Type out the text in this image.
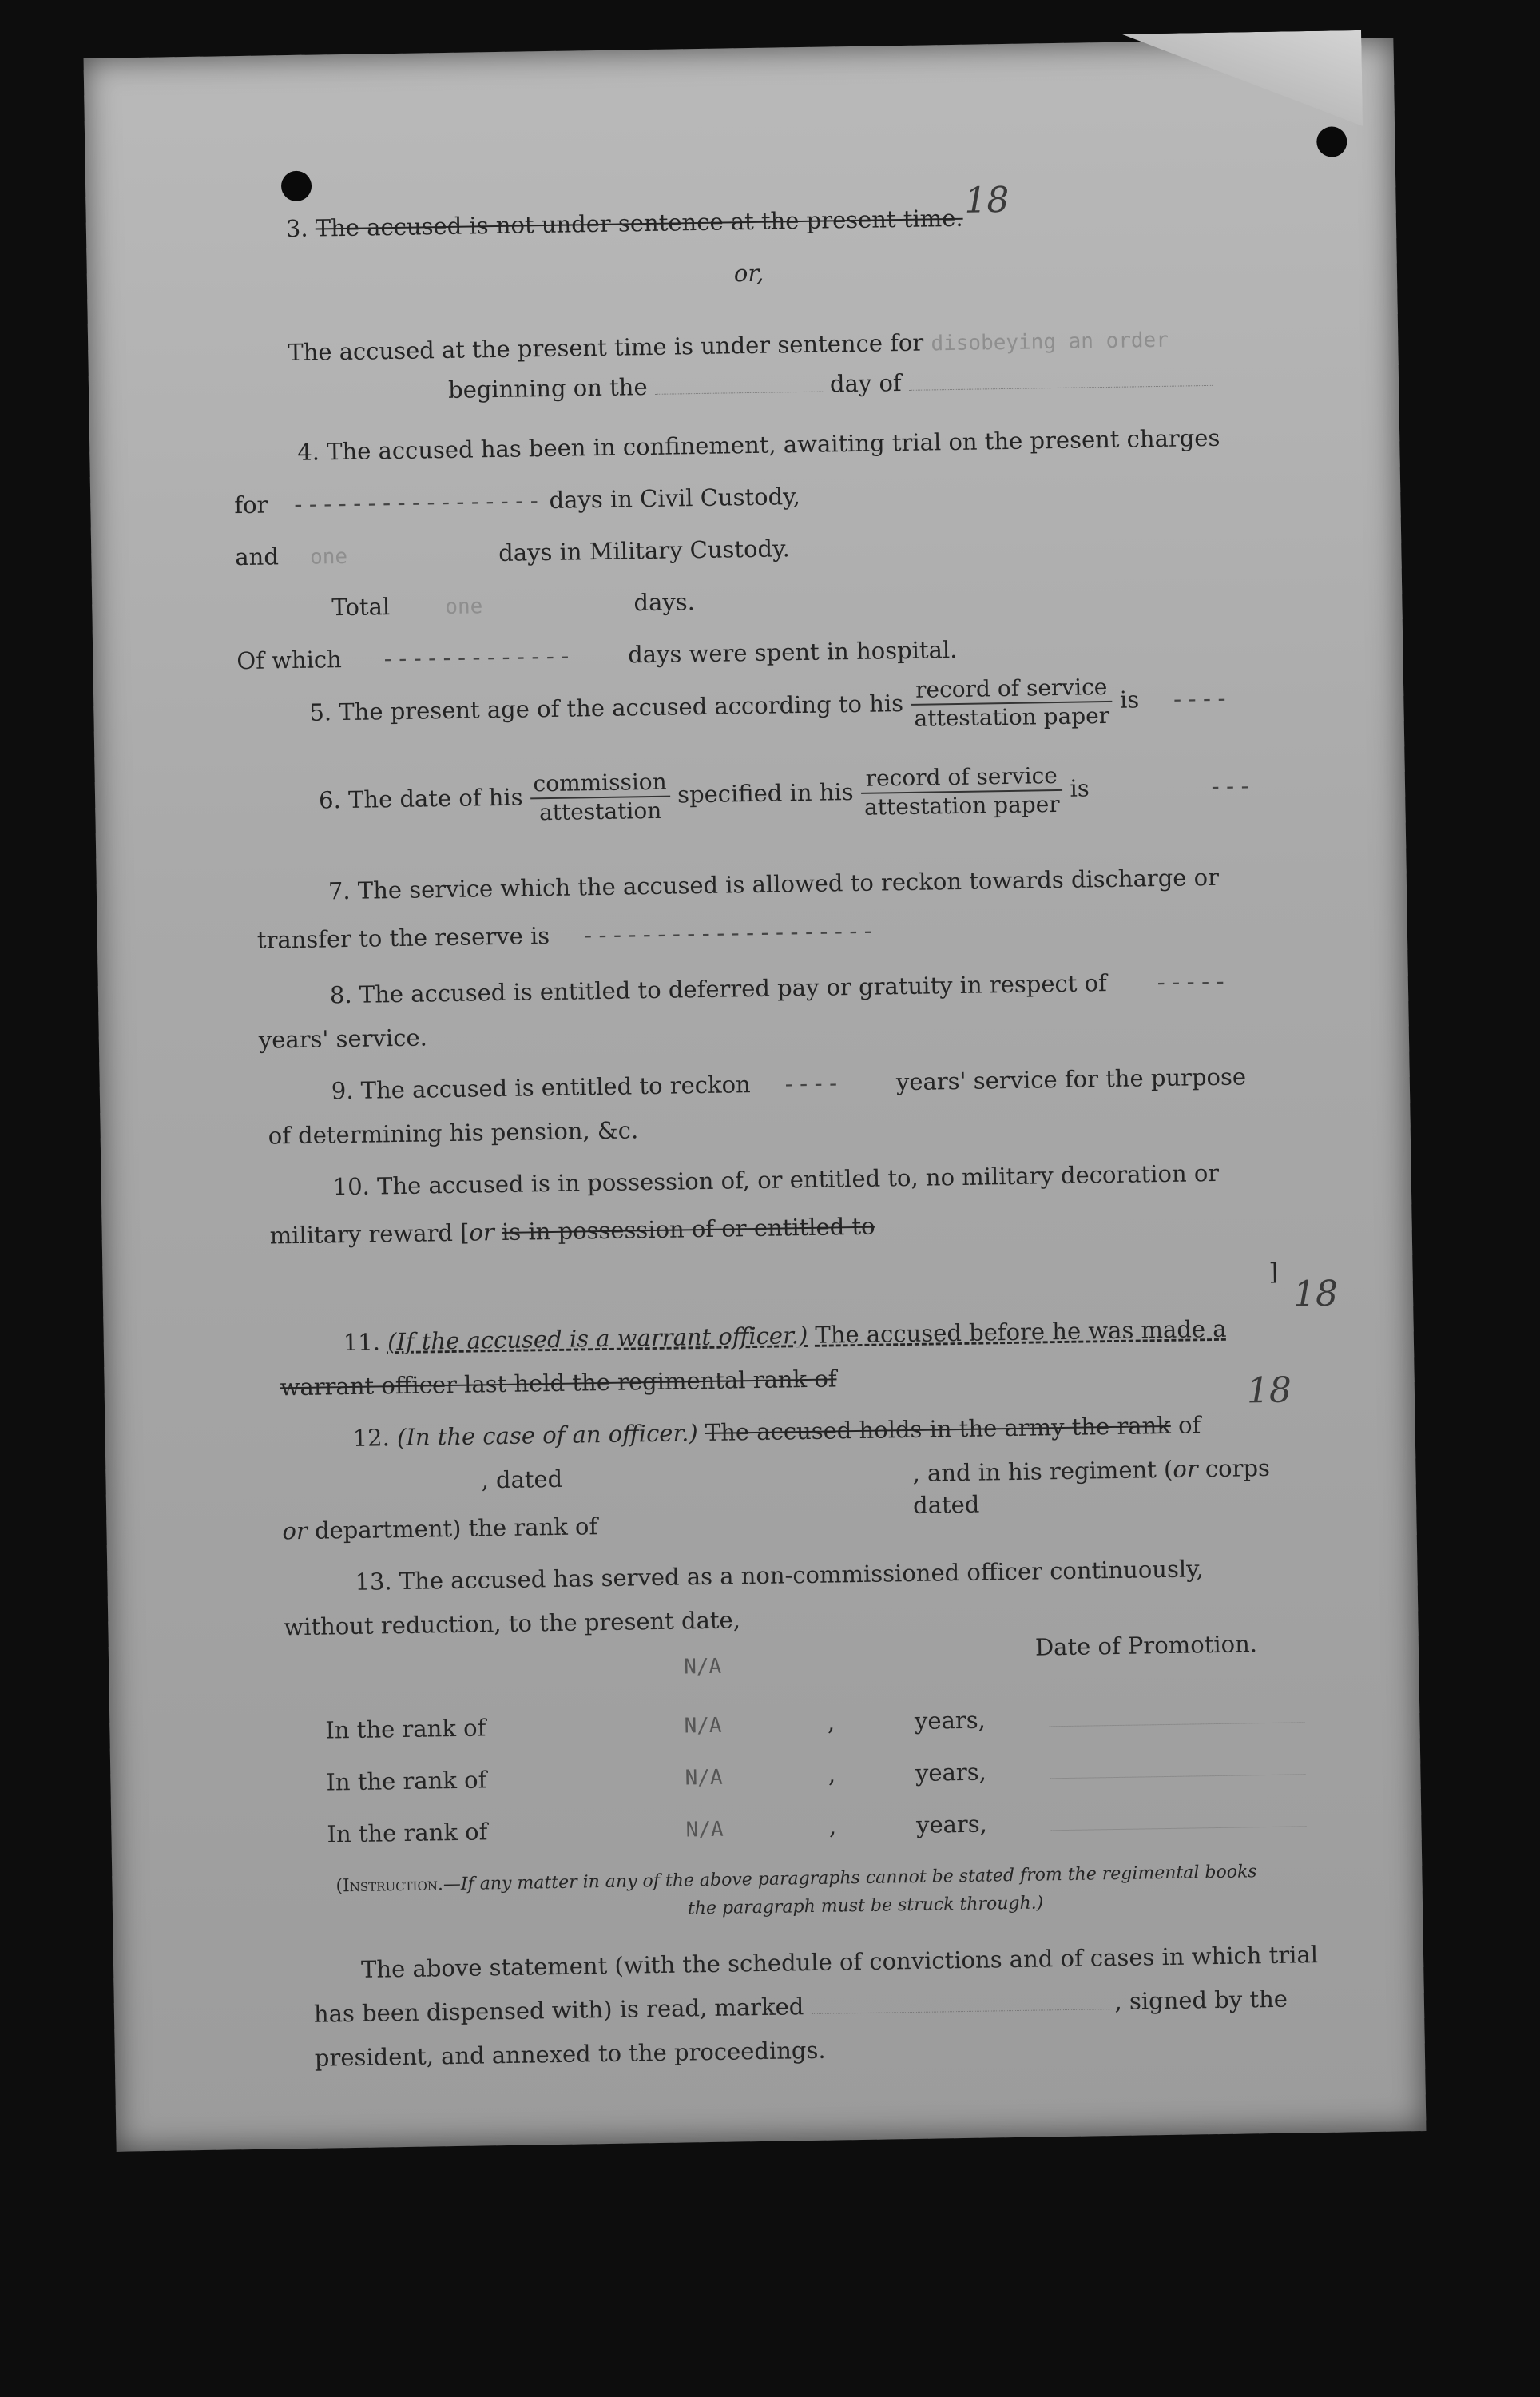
3. The accused is not under sentence at the present time.
18
or,
The accused at the present time is under sentence for disobeying an order
beginning on the	day of
4. The accused has been in confinement, awaiting trial on the present charges
for ----------------- days in Civil Custody,
and one	days in Military Custody.
Total	one	days.
Of which ------------- days were spent in hospital.
5. The present age of the accused according to his $\frac{\text{record of service}}{\text{attestation paper}}$ is ----
6. The date of his $\frac{\text{commission}}{\text{attestation}}$ specified in his $\frac{\text{record of service}}{\text{attestation paper}}$ is	---
7. The service which the accused is allowed to reckon towards discharge or
transfer to the reserve is --------------------
8. The accused is entitled to deferred pay or gratuity in respect of -----
years' service.
9. The accused is entitled to reckon ---- years' service for the purpose
of determining his pension, &c.
10. The accused is in possession of, or entitled to, no military decoration or
military reward [or is in possession of or entitled to
]
11. (If the accused is a warrant officer.) The accused before he was made a
18
warrant officer last held the regimental rank of
12. (In the case of an officer.) The accused holds in the army the rank of
18
, dated	, and in his regiment (or corps
or department) the rank of
dated
13. The accused has served as a non-commissioned officer continuously,
without reduction, to the present date,
N/A
Date of Promotion.
In the rank of	N/A	,	years,
In the rank of	N/A	,	years,
In the rank of	N/A	,	years,
(Instruction.—If any matter in any of the above paragraphs cannot be stated from the regimental books
the paragraph must be struck through.)
The above statement (with the schedule of convictions and of cases in which trial
has been dispensed with) is read, marked	, signed by the
president, and annexed to the proceedings.
